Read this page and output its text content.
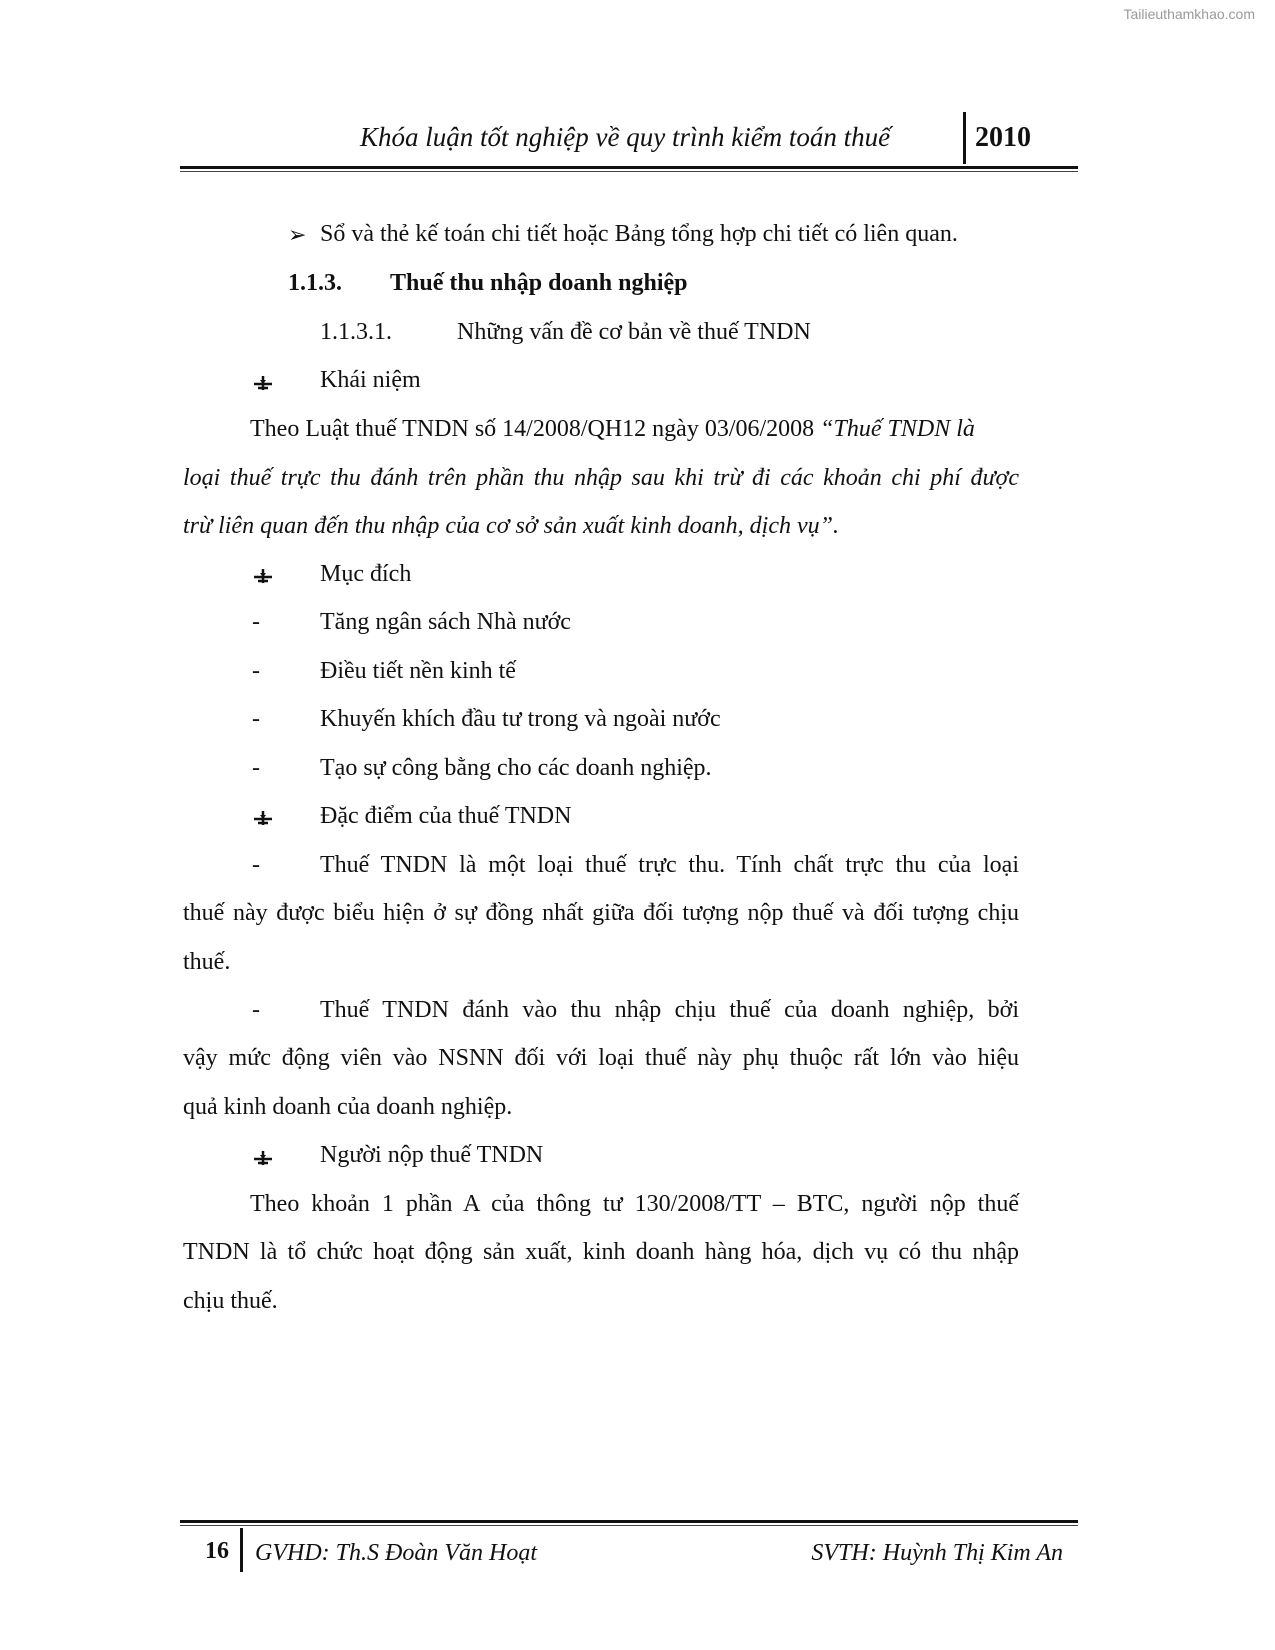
Tailieuthamkhao.com
Khóa luận tốt nghiệp về quy trình kiểm toán thuế	2010
➢ Sổ và thẻ kế toán chi tiết hoặc Bảng tổng hợp chi tiết có liên quan.
1.1.3. Thuế thu nhập doanh nghiệp
1.1.3.1.	Những vấn đề cơ bản về thuế TNDN
Khái niệm
Theo Luật thuế TNDN số 14/2008/QH12 ngày 03/06/2008 “Thuế TNDN là
loại thuế trực thu đánh trên phần thu nhập sau khi trừ đi các khoản chi phí được
trừ liên quan đến thu nhập của cơ sở sản xuất kinh doanh, dịch vụ”.
Mục đích
-	Tăng ngân sách Nhà nước
-	Điều tiết nền kinh tế
-	Khuyến khích đầu tư trong và ngoài nước
-	Tạo sự công bằng cho các doanh nghiệp.
Đặc điểm của thuế TNDN
-	Thuế TNDN là một loại thuế trực thu. Tính chất trực thu của loại
thuế này được biểu hiện ở sự đồng nhất giữa đối tượng nộp thuế và đối tượng chịu
thuế.
-	Thuế TNDN đánh vào thu nhập chịu thuế của doanh nghiệp, bởi
vậy mức động viên vào NSNN đối với loại thuế này phụ thuộc rất lớn vào hiệu
quả kinh doanh của doanh nghiệp.
Người nộp thuế TNDN
Theo khoản 1 phần A của thông tư 130/2008/TT – BTC, người nộp thuế
TNDN là tổ chức hoạt động sản xuất, kinh doanh hàng hóa, dịch vụ có thu nhập
chịu thuế.
16 GVHD: Th.S Đoàn Văn Hoạt	SVTH: Huỳnh Thị Kim An
